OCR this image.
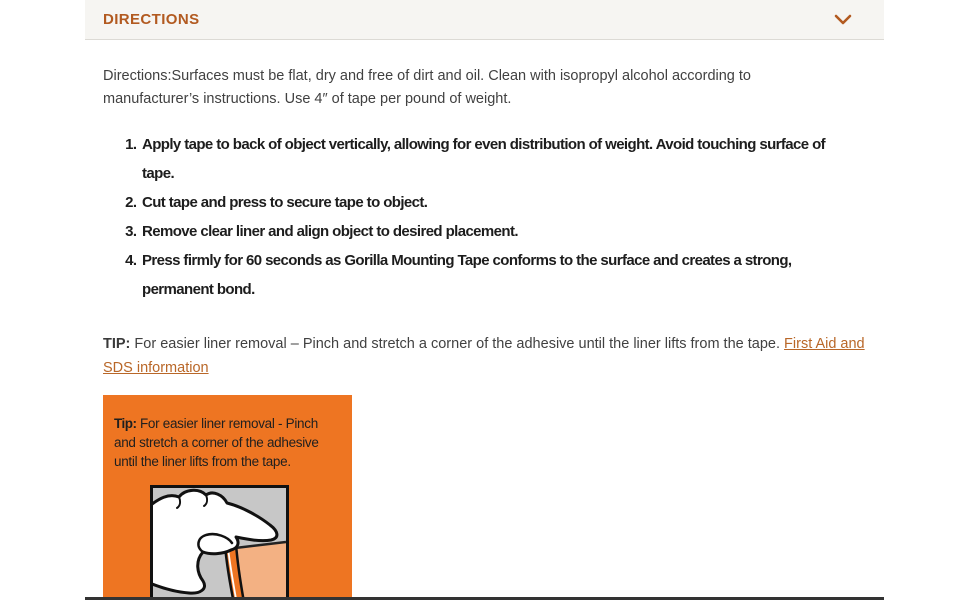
DIRECTIONS

Directions:Surfaces must be flat, dry and free of dirt and oil. Clean with isopropyl alcohol according to manufacturer’s instructions. Use 4″ of tape per pound of weight.

1. Apply tape to back of object vertically, allowing for even distribution of weight. Avoid touching surface of tape.
2. Cut tape and press to secure tape to object.
3. Remove clear liner and align object to desired placement.
4. Press firmly for 60 seconds as Gorilla Mounting Tape conforms to the surface and creates a strong, permanent bond.

TIP: For easier liner removal – Pinch and stretch a corner of the adhesive until the liner lifts from the tape. First Aid and SDS information

Tip: For easier liner removal - Pinch and stretch a corner of the adhesive until the liner lifts from the tape.
